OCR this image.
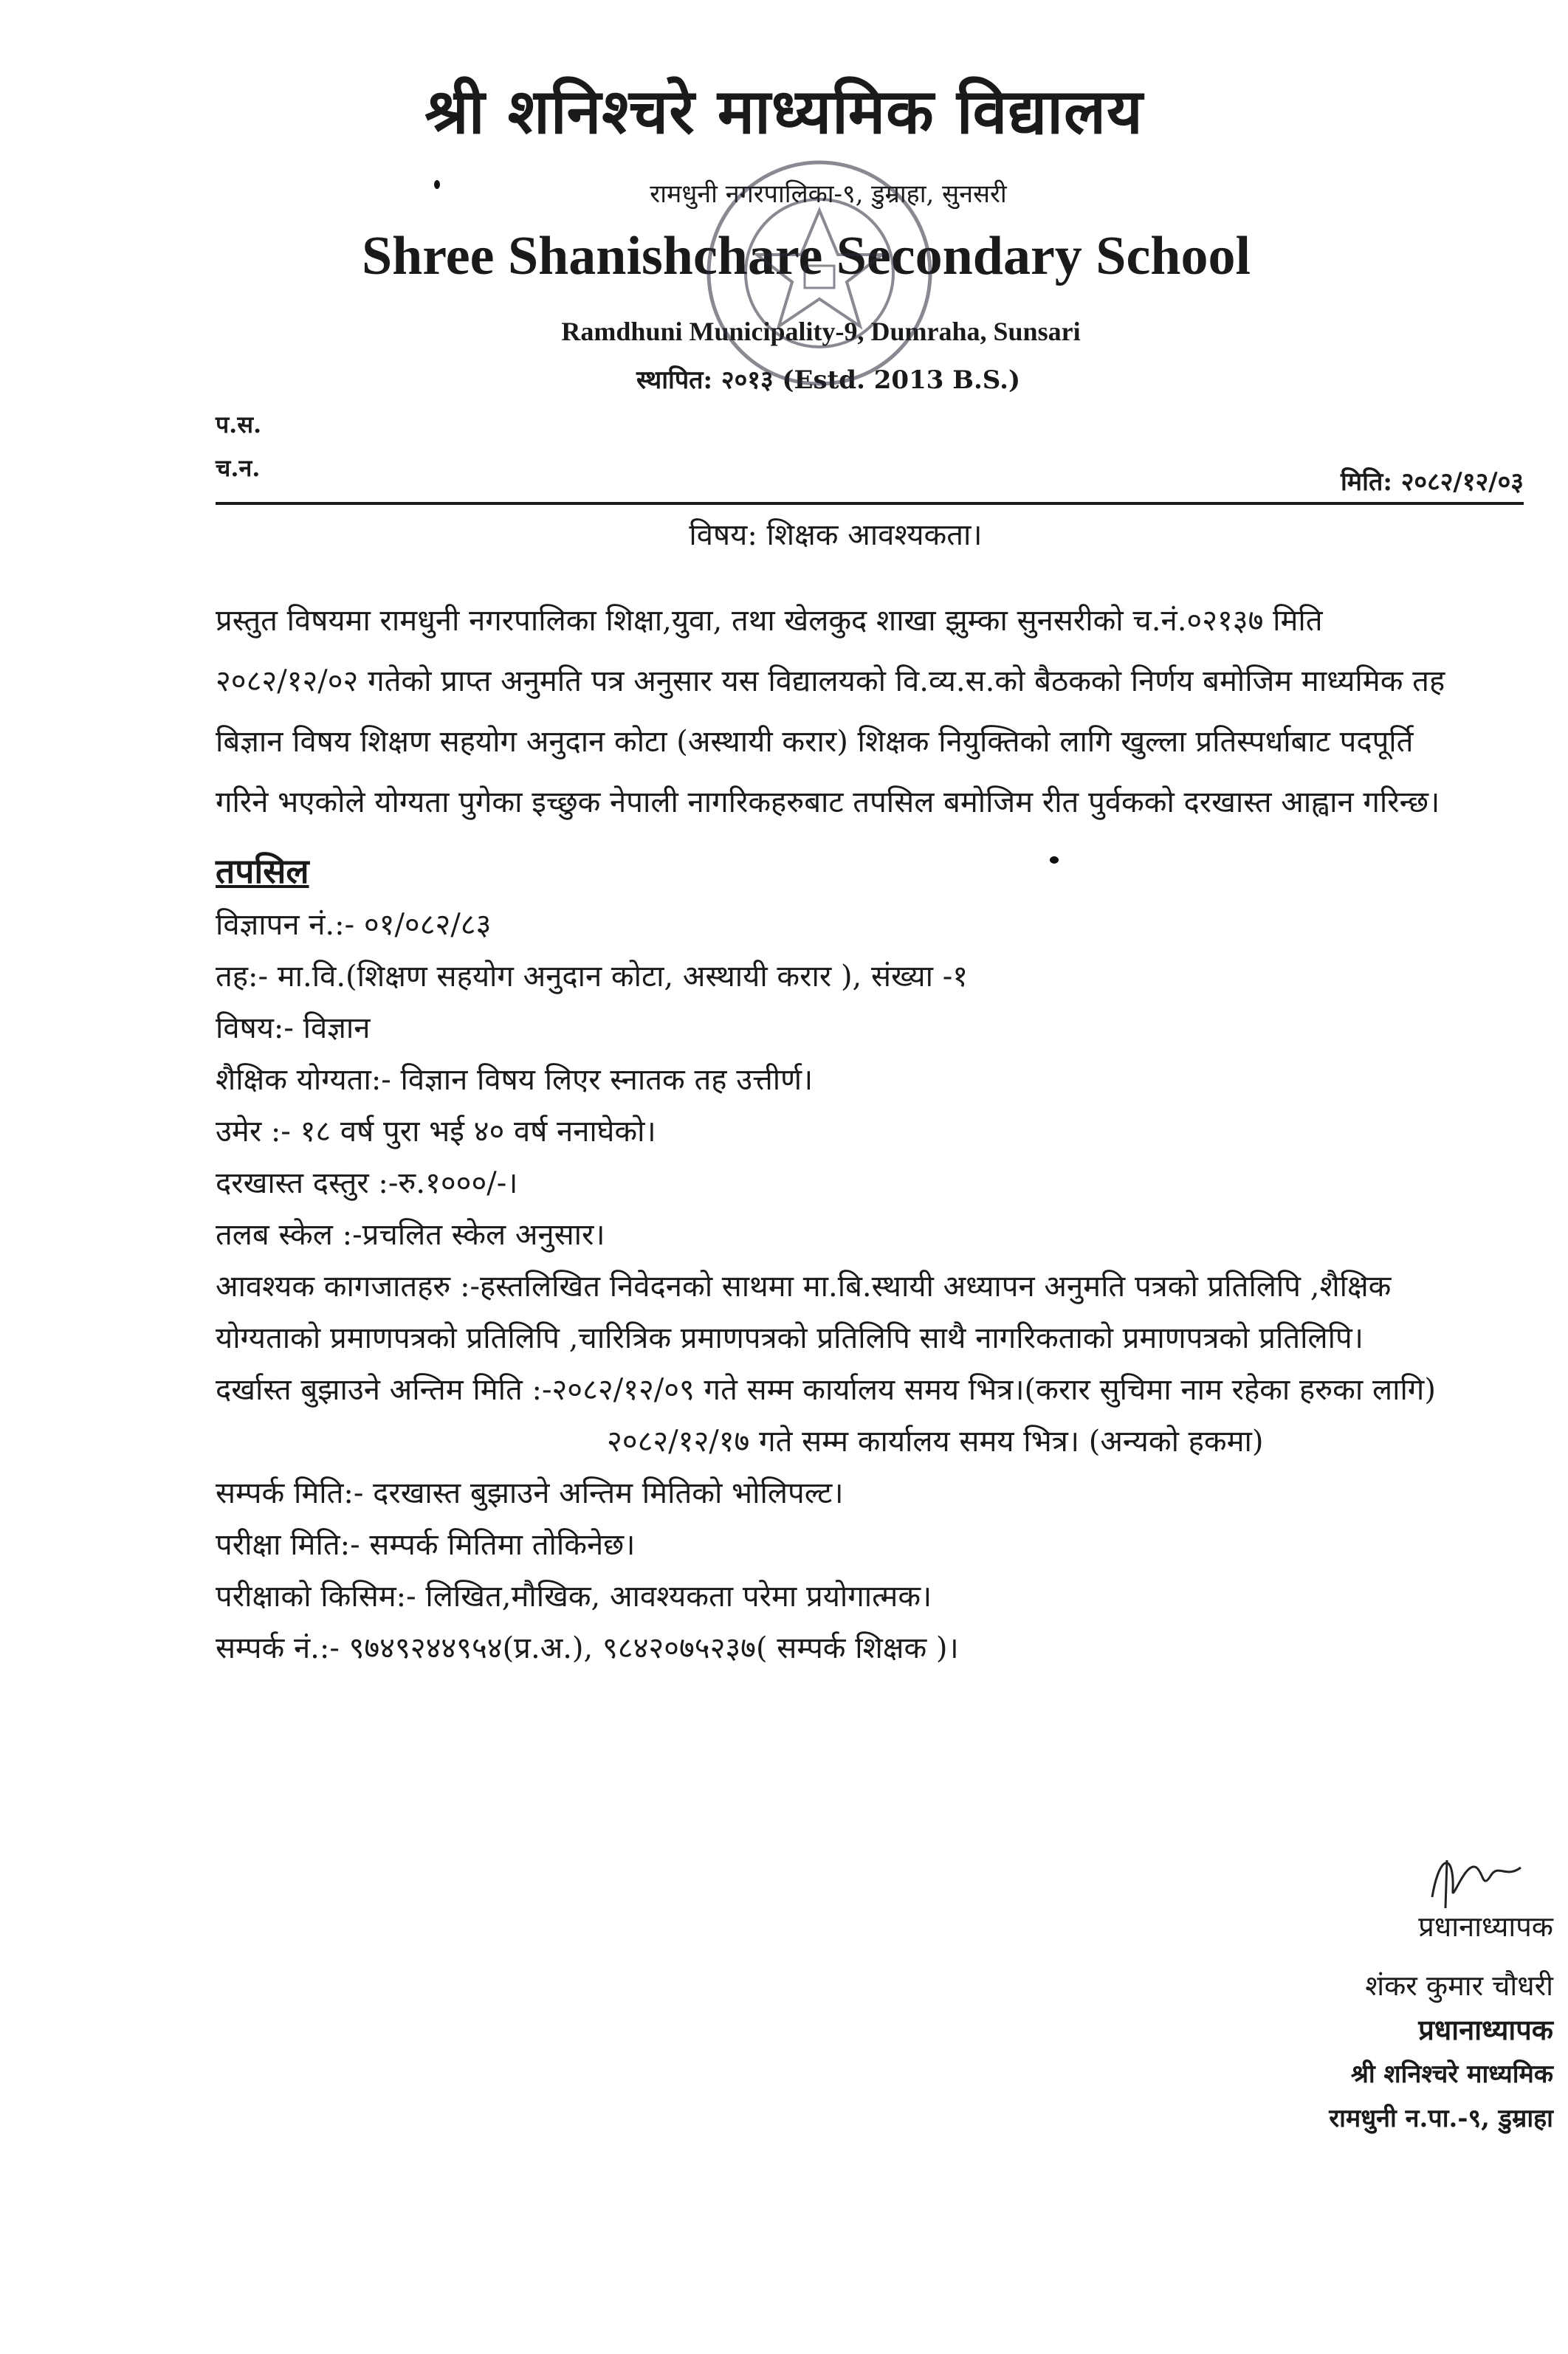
श्री शनिश्चरे माध्यमिक विद्यालय
रामधुनी नगरपालिका-९, डुम्राहा, सुनसरी
Shree Shanishchare Secondary School
Ramdhuni Municipality-9, Dumraha, Sunsari
स्थापित: २०१३ (Estd. 2013 B.S.)
प.स.
च.न.	मिति: २०८२/१२/०३
विषय: शिक्षक आवश्यकता।
प्रस्तुत विषयमा रामधुनी नगरपालिका शिक्षा,युवा, तथा खेलकुद शाखा झुम्का सुनसरीको च.नं.०२१३७ मिति
२०८२/१२/०२ गतेको प्राप्त अनुमति पत्र अनुसार यस विद्यालयको वि.व्य.स.को बैठकको निर्णय बमोजिम माध्यमिक तह
बिज्ञान विषय शिक्षण सहयोग अनुदान कोटा (अस्थायी करार) शिक्षक नियुक्तिको लागि खुल्ला प्रतिस्पर्धाबाट पदपूर्ति
गरिने भएकोले योग्यता पुगेका इच्छुक नेपाली नागरिकहरुबाट तपसिल बमोजिम रीत पुर्वकको दरखास्त आह्वान गरिन्छ।
तपसिल
विज्ञापन नं.:- ०१/०८२/८३
तह:- मा.वि.(शिक्षण सहयोग अनुदान कोटा, अस्थायी करार ), संख्या -१
विषय:- विज्ञान
शैक्षिक योग्यता:- विज्ञान विषय लिएर स्नातक तह उत्तीर्ण।
उमेर :- १८ वर्ष पुरा भई ४० वर्ष ननाघेको।
दरखास्त दस्तुर :-रु.१०००/-।
तलब स्केल :-प्रचलित स्केल अनुसार।
आवश्यक कागजातहरु :-हस्तलिखित निवेदनको साथमा मा.बि.स्थायी अध्यापन अनुमति पत्रको प्रतिलिपि ,शैक्षिक
योग्यताको प्रमाणपत्रको प्रतिलिपि ,चारित्रिक प्रमाणपत्रको प्रतिलिपि साथै नागरिकताको प्रमाणपत्रको प्रतिलिपि।
दर्खास्त बुझाउने अन्तिम मिति :-२०८२/१२/०९ गते सम्म कार्यालय समय भित्र।(करार सुचिमा नाम रहेका हरुका लागि)
२०८२/१२/१७ गते सम्म कार्यालय समय भित्र। (अन्यको हकमा)
सम्पर्क मिति:- दरखास्त बुझाउने अन्तिम मितिको भोलिपल्ट।
परीक्षा मिति:- सम्पर्क मितिमा तोकिनेछ।
परीक्षाको किसिम:- लिखित,मौखिक, आवश्यकता परेमा प्रयोगात्मक।
सम्पर्क नं.:- ९७४९२४४९५४(प्र.अ.), ९८४२०७५२३७( सम्पर्क शिक्षक )।
प्रधानाध्यापक
शंकर कुमार चौधरी
प्रधानाध्यापक
श्री शनिश्चरे माध्यमिक
रामधुनी न.पा.-९, डुम्राहा
